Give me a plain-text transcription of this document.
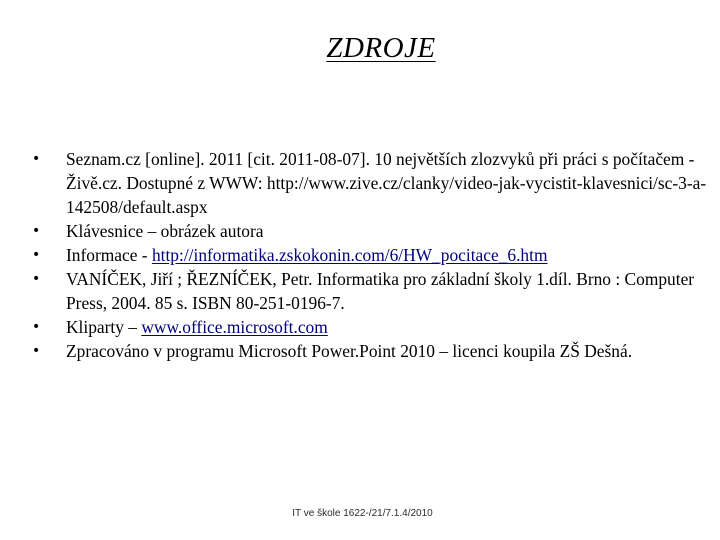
ZDROJE
• Seznam.cz [online]. 2011 [cit. 2011-08-07]. 10 největších zlozvyků při práci s počítačem - Živě.cz. Dostupné z WWW: http://www.zive.cz/clanky/video-jak-vycistit-klavesnici/sc-3-a-142508/default.aspx
• Klávesnice – obrázek autora
• Informace - http://informatika.zskokonin.com/6/HW_pocitace_6.htm
• VANÍČEK, Jiří ; ŘEZNÍČEK, Petr. Informatika pro základní školy 1.díl. Brno : Computer Press, 2004. 85 s. ISBN 80-251-0196-7.
• Kliparty – www.office.microsoft.com
• Zpracováno v programu Microsoft Power.Point 2010 – licenci koupila ZŠ Dešná.
IT ve škole 1622-/21/7.1.4/2010
